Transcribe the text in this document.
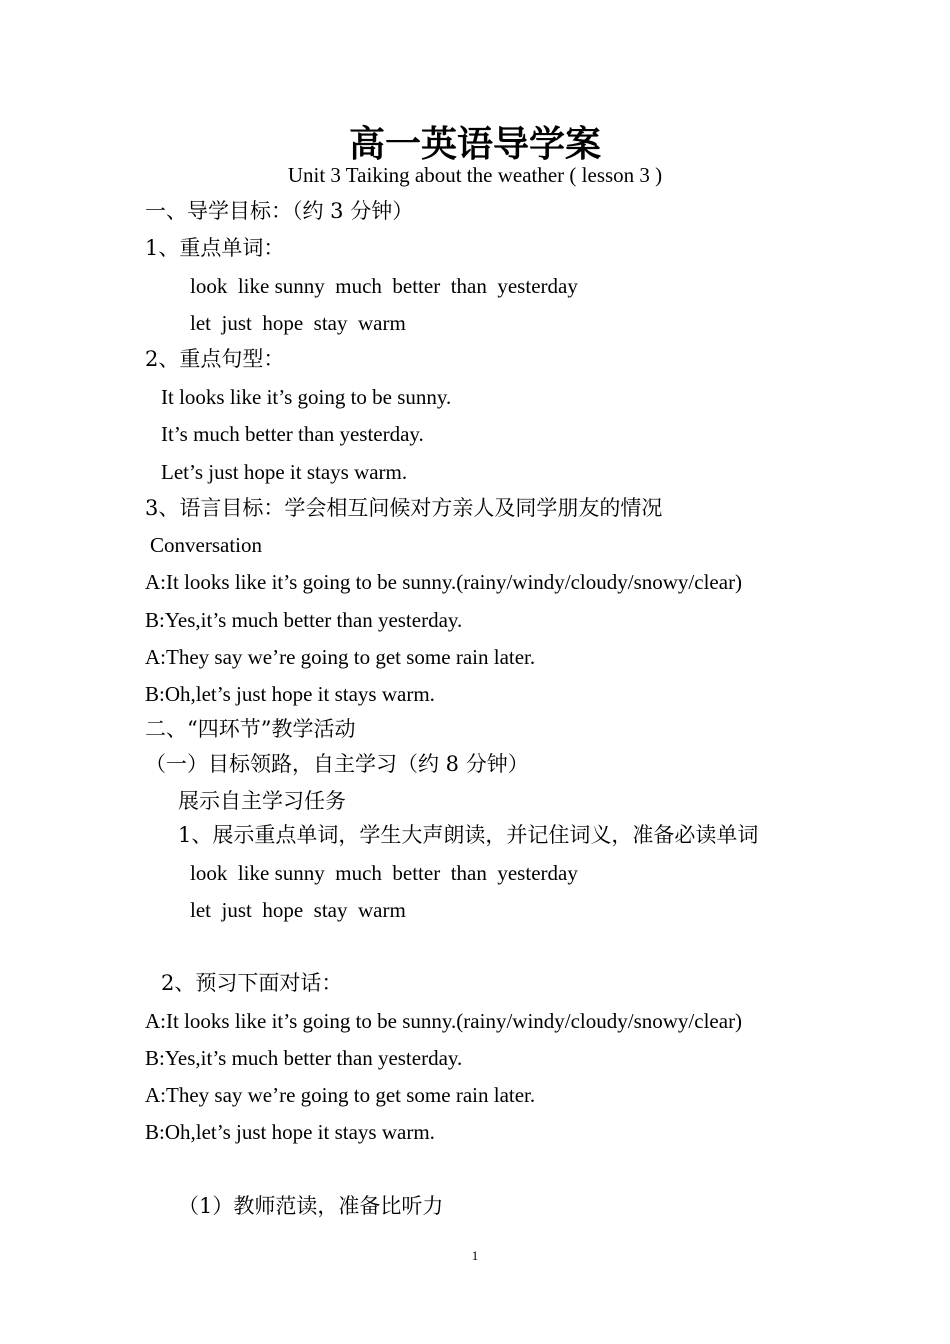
高一英语导学案
Unit 3 Taiking about the weather ( lesson 3 )
一、导学目标：（约 3 分钟）
1、重点单词：
look  like sunny  much  better  than  yesterday
let  just  hope  stay  warm
2、重点句型：
It looks like it’s going to be sunny.
It’s much better than yesterday.
Let’s just hope it stays warm.
3、语言目标：学会相互问候对方亲人及同学朋友的情况
Conversation
A:It looks like it’s going to be sunny.(rainy/windy/cloudy/snowy/clear)
B:Yes,it’s much better than yesterday.
A:They say we’re going to get some rain later.
B:Oh,let’s just hope it stays warm.
二、“四环节”教学活动
（一）目标领路，自主学习（约 8 分钟）
展示自主学习任务
1、展示重点单词，学生大声朗读，并记住词义，准备必读单词
look  like sunny  much  better  than  yesterday
let  just  hope  stay  warm
2、预习下面对话：
A:It looks like it’s going to be sunny.(rainy/windy/cloudy/snowy/clear)
B:Yes,it’s much better than yesterday.
A:They say we’re going to get some rain later.
B:Oh,let’s just hope it stays warm.
（1）教师范读，准备比听力
1
